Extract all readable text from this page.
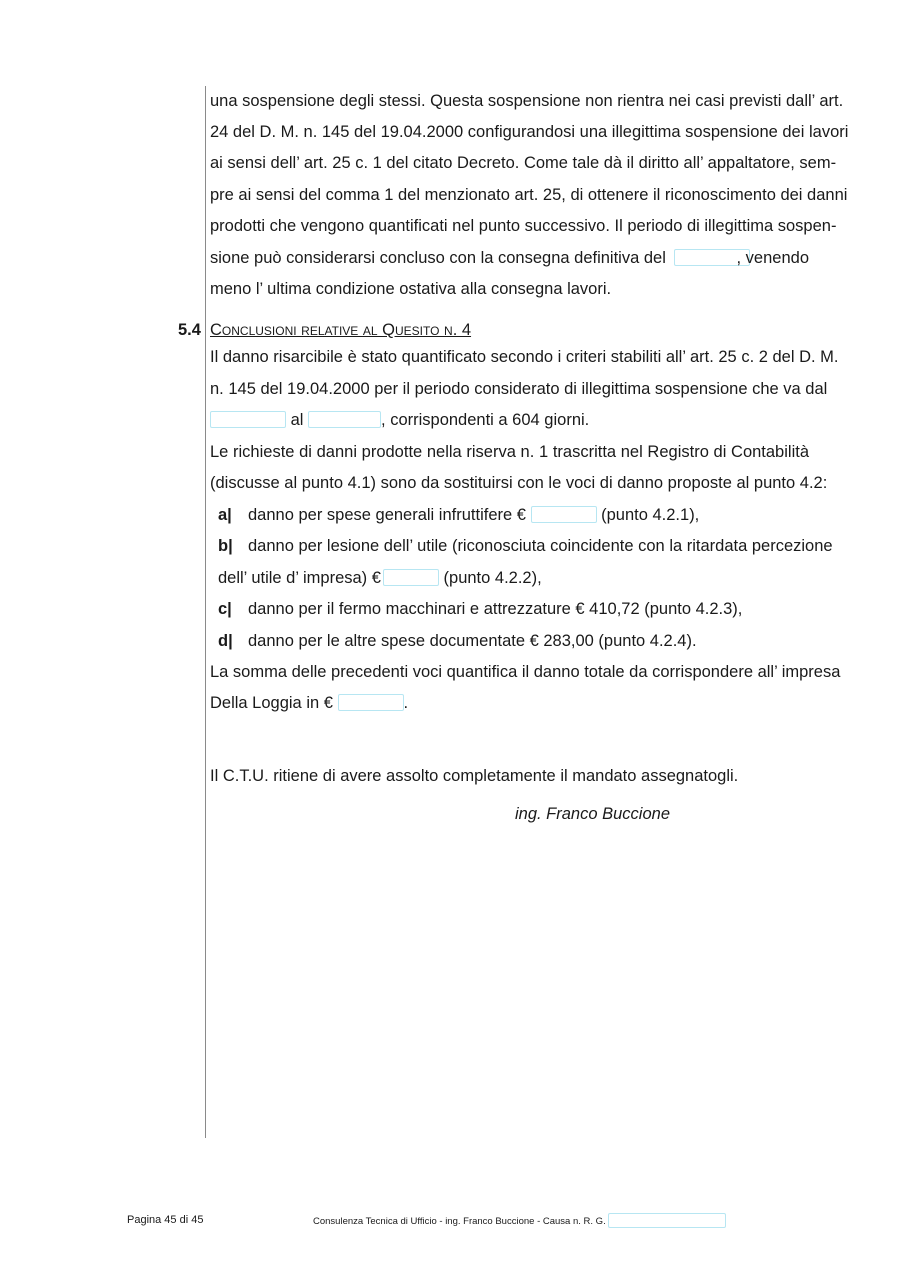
una sospensione degli stessi. Questa sospensione non rientra nei casi previsti dall’ art.
24 del D. M. n. 145 del 19.04.2000 configurandosi una illegittima sospensione dei lavori
ai sensi dell’ art. 25 c. 1 del citato Decreto. Come tale dà il diritto all’ appaltatore, sem-
pre ai sensi del comma 1 del menzionato art. 25, di ottenere il riconoscimento dei danni
prodotti che vengono quantificati nel punto successivo. Il periodo di illegittima sospen-
sione può considerarsi concluso con la consegna definitiva del	, venendo
meno l’ ultima condizione ostativa alla consegna lavori.
5.4 Conclusioni relative al Quesito n. 4
Il danno risarcibile è stato quantificato secondo i criteri stabiliti all’ art. 25 c. 2 del D. M.
n. 145 del 19.04.2000 per il periodo considerato di illegittima sospensione che va dal
al	, corrispondenti a 604 giorni.
Le richieste di danni prodotte nella riserva n. 1 trascritta nel Registro di Contabilità
(discusse al punto 4.1) sono da sostituirsi con le voci di danno proposte al punto 4.2:
a| danno per spese generali infruttifere €	(punto 4.2.1),
b| danno per lesione dell’ utile (riconosciuta coincidente con la ritardata percezione
dell’ utile d’ impresa) €	(punto 4.2.2),
c| danno per il fermo macchinari e attrezzature € 410,72 (punto 4.2.3),
d| danno per le altre spese documentate € 283,00 (punto 4.2.4).
La somma delle precedenti voci quantifica il danno totale da corrispondere all’ impresa
Della Loggia in €	.
Il C.T.U. ritiene di avere assolto completamente il mandato assegnatogli.
ing. Franco Buccione
Pagina 45 di 45	Consulenza Tecnica di Ufficio - ing. Franco Buccione - Causa n. R. G.
